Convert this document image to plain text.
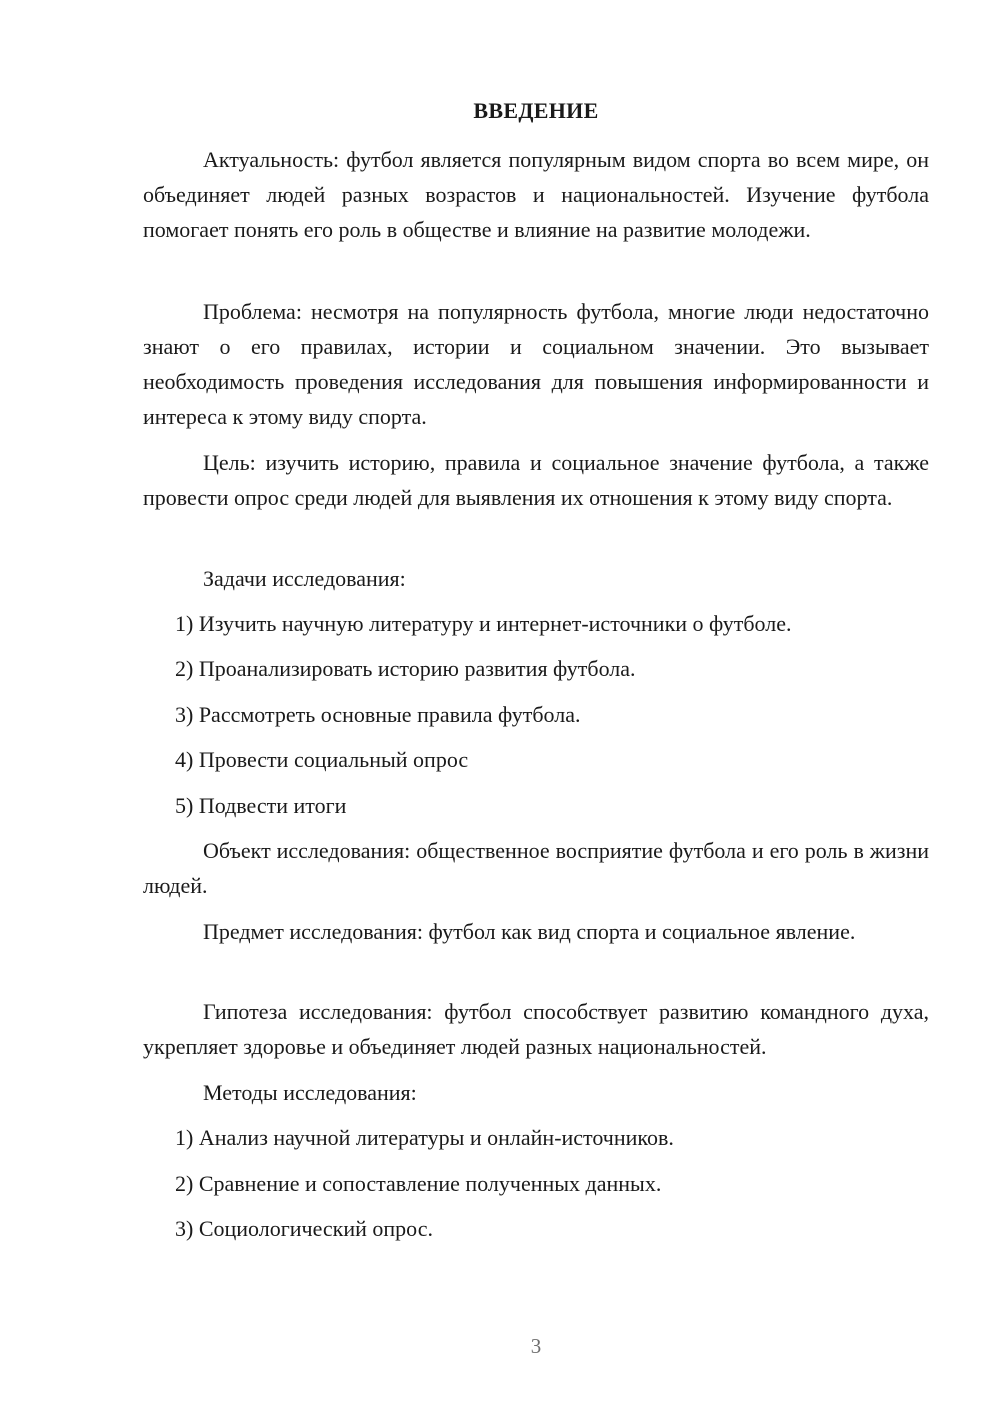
ВВЕДЕНИЕ

Актуальность: футбол является популярным видом спорта во всем мире, он объединяет людей разных возрастов и национальностей. Изучение футбола помогает понять его роль в обществе и влияние на развитие молодежи.

Проблема: несмотря на популярность футбола, многие люди недостаточно знают о его правилах, истории и социальном значении. Это вызывает необходимость проведения исследования для повышения информированности и интереса к этому виду спорта.

Цель: изучить историю, правила и социальное значение футбола, а также провести опрос среди людей для выявления их отношения к этому виду спорта.

Задачи исследования:
1) Изучить научную литературу и интернет-источники о футболе.
2) Проанализировать историю развития футбола.
3) Рассмотреть основные правила футбола.
4) Провести социальный опрос
5) Подвести итоги

Объект исследования: общественное восприятие футбола и его роль в жизни людей.

Предмет исследования: футбол как вид спорта и социальное явление.

Гипотеза исследования: футбол способствует развитию командного духа, укрепляет здоровье и объединяет людей разных национальностей.

Методы исследования:
1) Анализ научной литературы и онлайн-источников.
2) Сравнение и сопоставление полученных данных.
3) Социологический опрос.
3
